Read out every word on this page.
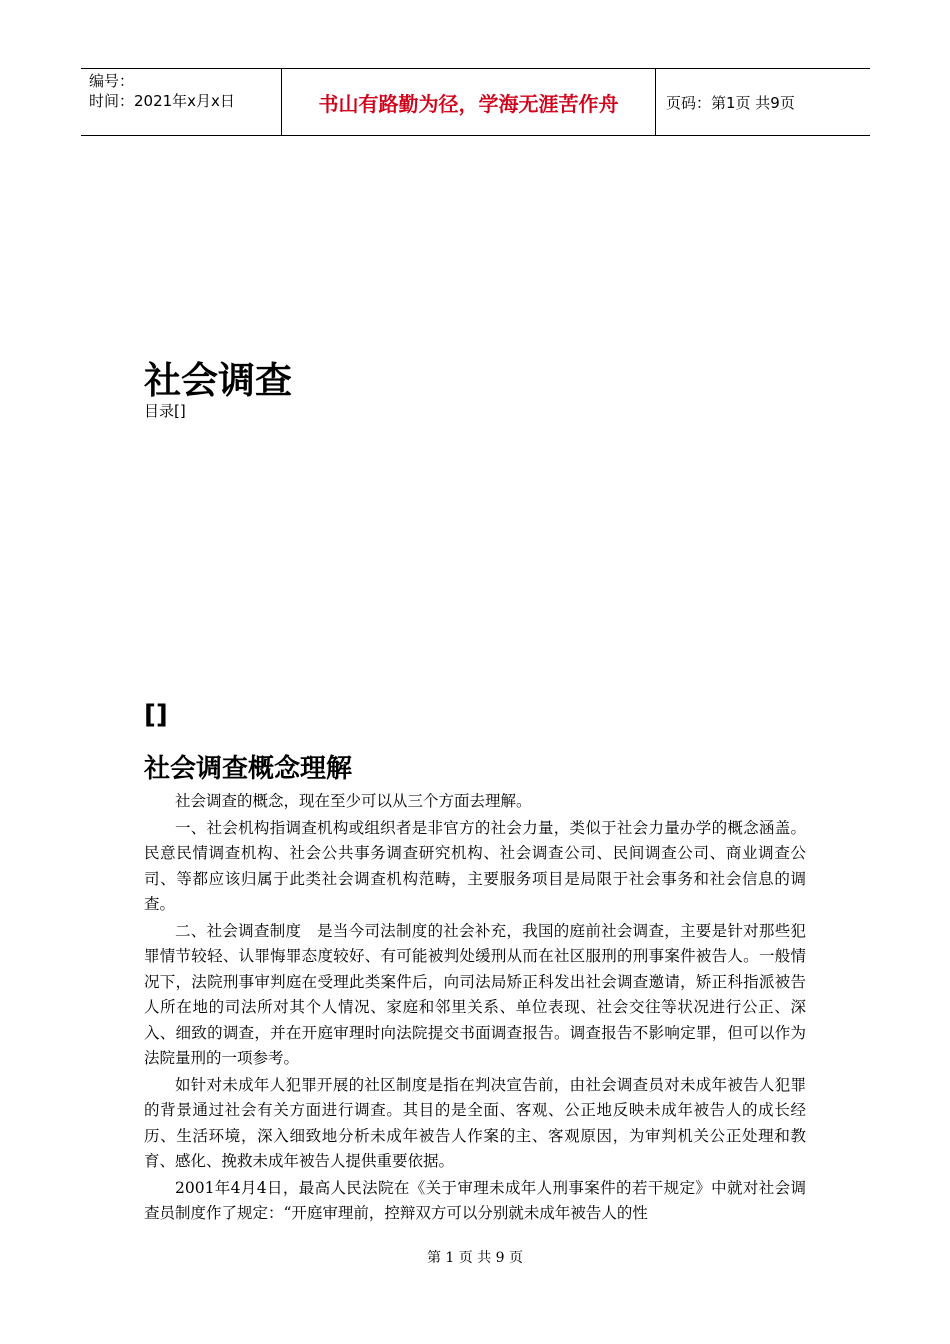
编号：
时间：2021年x月x日	书山有路勤为径，学海无涯苦作舟	页码：第1页 共9页
社会调查
目录[]
[]
社会调查概念理解

社会调查的概念，现在至少可以从三个方面去理解。

一、社会机构指调查机构或组织者是非官方的社会力量，类似于社会力量办学的概念涵盖。民意民情调查机构、社会公共事务调查研究机构、社会调查公司、民间调查公司、商业调查公司、等都应该归属于此类社会调查机构范畴，主要服务项目是局限于社会事务和社会信息的调查。

二、社会调查制度　是当今司法制度的社会补充，我国的庭前社会调查，主要是针对那些犯罪情节较轻、认罪悔罪态度较好、有可能被判处缓刑从而在社区服刑的刑事案件被告人。一般情况下，法院刑事审判庭在受理此类案件后，向司法局矫正科发出社会调查邀请，矫正科指派被告人所在地的司法所对其个人情况、家庭和邻里关系、单位表现、社会交往等状况进行公正、深入、细致的调查，并在开庭审理时向法院提交书面调查报告。调查报告不影响定罪，但可以作为法院量刑的一项参考。

如针对未成年人犯罪开展的社区制度是指在判决宣告前，由社会调查员对未成年被告人犯罪的背景通过社会有关方面进行调查。其目的是全面、客观、公正地反映未成年被告人的成长经历、生活环境，深入细致地分析未成年被告人作案的主、客观原因，为审判机关公正处理和教育、感化、挽救未成年被告人提供重要依据。

2001年4月4日，最高人民法院在《关于审理未成年人刑事案件的若干规定》中就对社会调查员制度作了规定：“开庭审理前，控辩双方可以分别就未成年被告人的性

第 1 页 共 9 页
